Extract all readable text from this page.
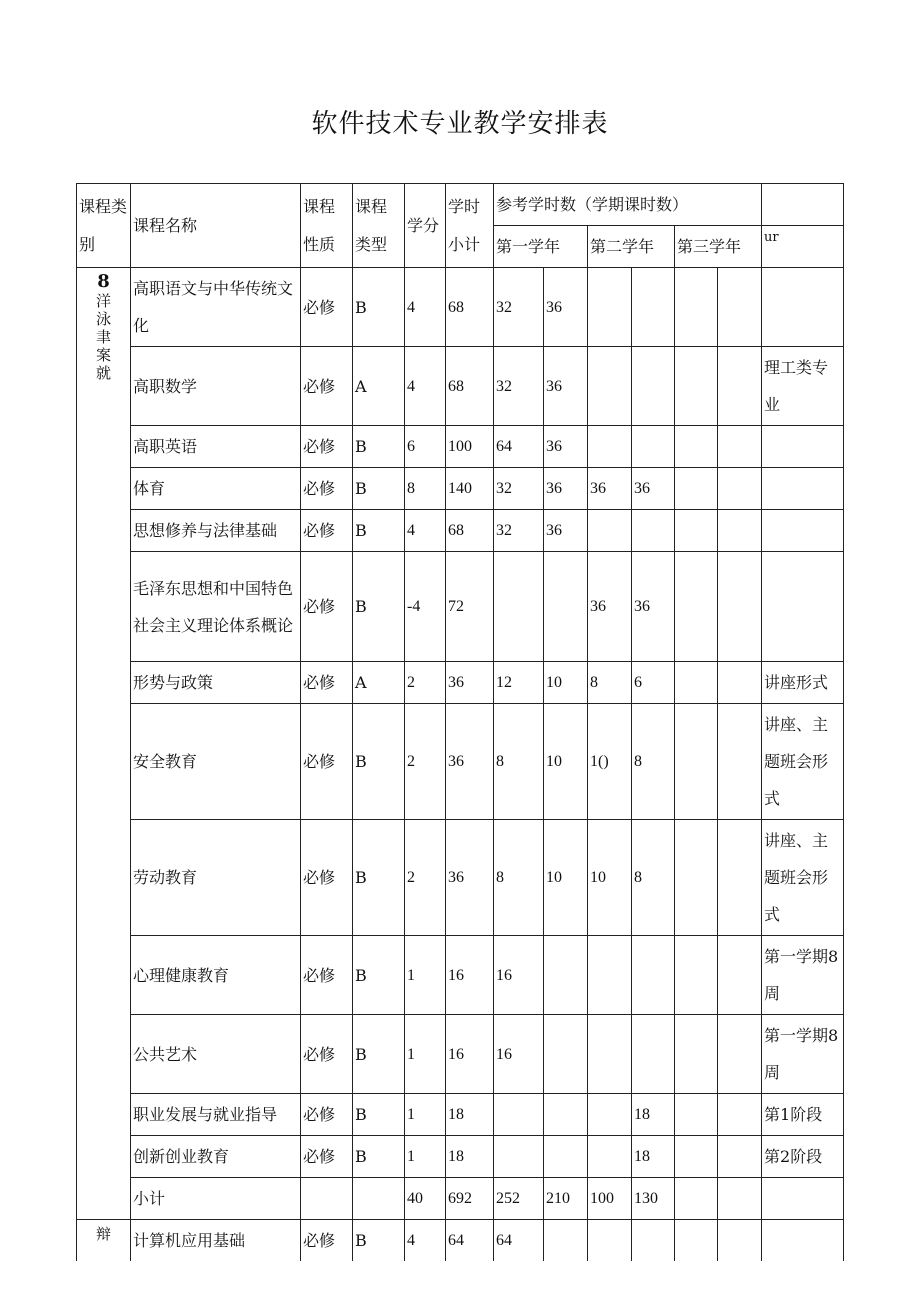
软件技术专业教学安排表
课程类别	课程名称	课程性质	课程类型	学分	学时小计	参考学时数（学期课时数）						
						第一学年		第二学年		第三学年		ur

8
洋泳聿案就	高职语文与中华传统文化	必修	B	4	68	32	36					
	高职数学	必修	A	4	68	32	36					理工类专业
	高职英语	必修	B	6	100	64	36					
	体育	必修	B	8	140	32	36	36	36			
	思想修养与法律基础	必修	B	4	68	32	36					
	毛泽东思想和中国特色社会主义理论体系概论	必修	B	-4	72			36	36			
	形势与政策	必修	A	2	36	12	10	8	6			讲座形式
	安全教育	必修	B	2	36	8	10	1()	8			讲座、主题班会形式
	劳动教育	必修	B	2	36	8	10	10	8			讲座、主题班会形式
	心理健康教育	必修	B	1	16	16						第一学期8周
	公共艺术	必修	B	1	16	16						第一学期8周
	职业发展与就业指导	必修	B	1	18				18			第1阶段
	创新创业教育	必修	B	1	18				18			第2阶段
	小计			40	692	252	210	100	130			
辩	计算机应用基础	必修	B	4	64	64						
